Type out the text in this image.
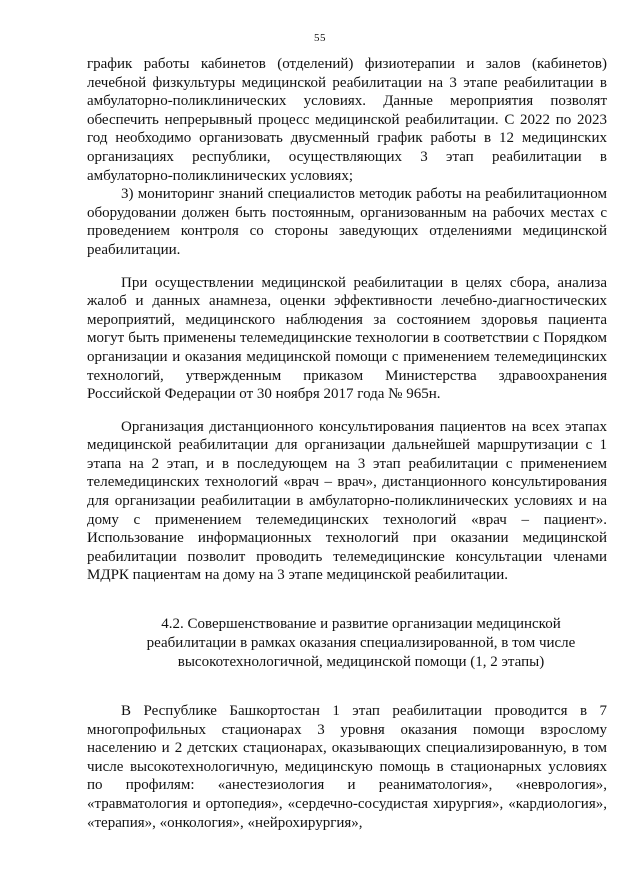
55

график работы кабинетов (отделений) физиотерапии и залов (кабинетов) лечебной физкультуры медицинской реабилитации на 3 этапе реабилитации в амбулаторно-поликлинических условиях. Данные мероприятия позволят обеспечить непрерывный процесс медицинской реабилитации. С 2022 по 2023 год необходимо организовать двусменный график работы в 12 медицинских организациях республики, осуществляющих 3 этап реабилитации в амбулаторно-поликлинических условиях;

3) мониторинг знаний специалистов методик работы на реабилитационном оборудовании должен быть постоянным, организованным на рабочих местах с проведением контроля со стороны заведующих отделениями медицинской реабилитации.

При осуществлении медицинской реабилитации в целях сбора, анализа жалоб и данных анамнеза, оценки эффективности лечебно-диагностических мероприятий, медицинского наблюдения за состоянием здоровья пациента могут быть применены телемедицинские технологии в соответствии с Порядком организации и оказания медицинской помощи с применением телемедицинских технологий, утвержденным приказом Министерства здравоохранения Российской Федерации от 30 ноября 2017 года № 965н.

Организация дистанционного консультирования пациентов на всех этапах медицинской реабилитации для организации дальнейшей маршрутизации с 1 этапа на 2 этап, и в последующем на 3 этап реабилитации с применением телемедицинских технологий «врач – врач», дистанционного консультирования для организации реабилитации в амбулаторно-поликлинических условиях и на дому с применением телемедицинских технологий «врач – пациент». Использование информационных технологий при оказании медицинской реабилитации позволит проводить телемедицинские консультации членами МДРК пациентам на дому на 3 этапе медицинской реабилитации.

4.2. Совершенствование и развитие организации медицинской
реабилитации в рамках оказания специализированной, в том числе
высокотехнологичной, медицинской помощи (1, 2 этапы)

В Республике Башкортостан 1 этап реабилитации проводится в 7 многопрофильных стационарах 3 уровня оказания помощи взрослому населению и 2 детских стационарах, оказывающих специализированную, в том числе высокотехнологичную, медицинскую помощь в стационарных условиях по профилям: «анестезиология и реаниматология», «неврология», «травматология и ортопедия», «сердечно-сосудистая хирургия», «кардиология», «терапия», «онкология», «нейрохирургия»,
